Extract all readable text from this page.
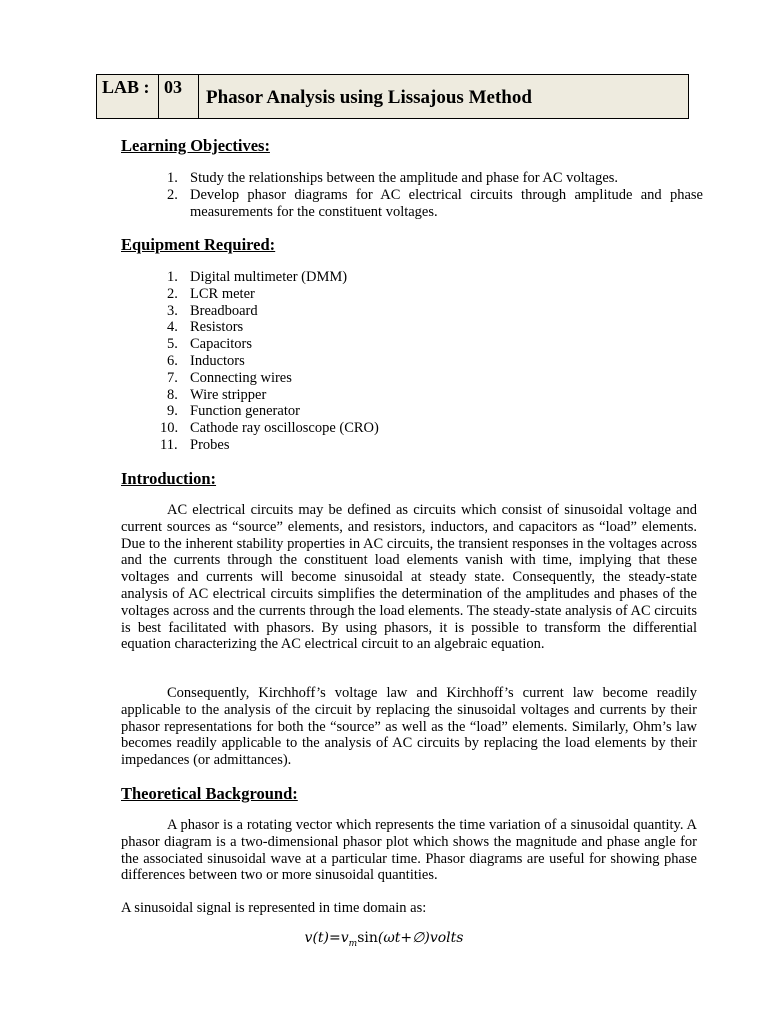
LAB : 03	Phasor Analysis using Lissajous Method
Learning Objectives:
1. Study the relationships between the amplitude and phase for AC voltages.
2. Develop phasor diagrams for AC electrical circuits through amplitude and phase measurements for the constituent voltages.
Equipment Required:
1. Digital multimeter (DMM)
2. LCR meter
3. Breadboard
4. Resistors
5. Capacitors
6. Inductors
7. Connecting wires
8. Wire stripper
9. Function generator
10. Cathode ray oscilloscope (CRO)
11. Probes
Introduction:

AC electrical circuits may be defined as circuits which consist of sinusoidal voltage and current sources as “source” elements, and resistors, inductors, and capacitors as “load” elements. Due to the inherent stability properties in AC circuits, the transient responses in the voltages across and the currents through the constituent load elements vanish with time, implying that these voltages and currents will become sinusoidal at steady state. Consequently, the steady-state analysis of AC electrical circuits simplifies the determination of the amplitudes and phases of the voltages across and the currents through the load elements. The steady-state analysis of AC circuits is best facilitated with phasors. By using phasors, it is possible to transform the differential equation characterizing the AC electrical circuit to an algebraic equation.

Consequently, Kirchhoff’s voltage law and Kirchhoff’s current law become readily applicable to the analysis of the circuit by replacing the sinusoidal voltages and currents by their phasor representations for both the “source” as well as the “load” elements. Similarly, Ohm’s law becomes readily applicable to the analysis of AC circuits by replacing the load elements by their impedances (or admittances).

Theoretical Background:

A phasor is a rotating vector which represents the time variation of a sinusoidal quantity. A phasor diagram is a two-dimensional phasor plot which shows the magnitude and phase angle for the associated sinusoidal wave at a particular time. Phasor diagrams are useful for showing phase differences between two or more sinusoidal quantities.

A sinusoidal signal is represented in time domain as:

$v(t)=v_m\sin(\omega t+\emptyset)volts$
